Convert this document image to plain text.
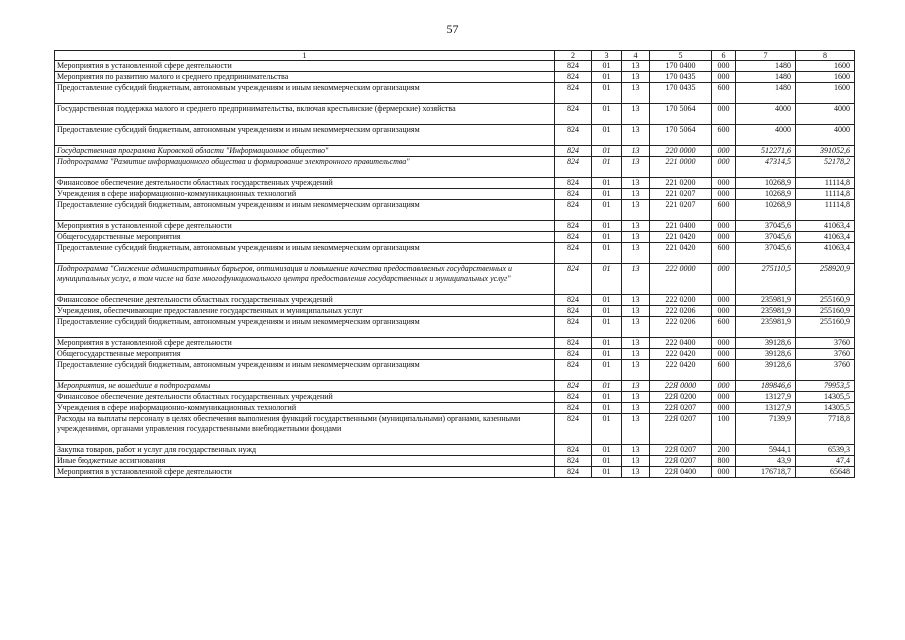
57
1	2	3	4	5	6	7	8
Мероприятия в установленной сфере деятельности	824	01	13	170 0400	000	1480	1600
Мероприятия по развитию малого и среднего предпринимательства	824	01	13	170 0435	000	1480	1600
Предоставление субсидий бюджетным, автономным учреждениям и иным некоммерческим организациям	824	01	13	170 0435	600	1480	1600
Государственная поддержка малого и среднего предпринимательства, включая крестьянские (фермерские) хозяйства	824	01	13	170 5064	000	4000	4000
Предоставление субсидий бюджетным, автономным учреждениям и иным некоммерческим организациям	824	01	13	170 5064	600	4000	4000
Государственная программа Кировской области "Информационное общество"	824	01	13	220 0000	000	512271,6	391052,6
Подпрограмма "Развитие информационного общества и формирование электронного правительства"	824	01	13	221 0000	000	47314,5	52178,2
Финансовое обеспечение деятельности областных государственных учреждений	824	01	13	221 0200	000	10268,9	11114,8
Учреждения в сфере информационно-коммуникационных технологий	824	01	13	221 0207	000	10268,9	11114,8
Предоставление субсидий бюджетным, автономным учреждениям и иным некоммерческим организациям	824	01	13	221 0207	600	10268,9	11114,8
Мероприятия в установленной сфере деятельности	824	01	13	221 0400	000	37045,6	41063,4
Общегосударственные мероприятия	824	01	13	221 0420	000	37045,6	41063,4
Предоставление субсидий бюджетным, автономным учреждениям и иным некоммерческим организациям	824	01	13	221 0420	600	37045,6	41063,4
Подпрограмма "Снижение административных барьеров, оптимизация и повышение качества предоставляемых государственных и муниципальных услуг, в том числе на базе многофункционального центра предоставления государственных и муниципальных услуг"	824	01	13	222 0000	000	275110,5	258920,9
Финансовое обеспечение деятельности областных государственных учреждений	824	01	13	222 0200	000	235981,9	255160,9
Учреждения, обеспечивающие предоставление государственных и муниципальных услуг	824	01	13	222 0206	000	235981,9	255160,9
Предоставление субсидий бюджетным, автономным учреждениям и иным некоммерческим организациям	824	01	13	222 0206	600	235981,9	255160,9
Мероприятия в установленной сфере деятельности	824	01	13	222 0400	000	39128,6	3760
Общегосударственные мероприятия	824	01	13	222 0420	000	39128,6	3760
Предоставление субсидий бюджетным, автономным учреждениям и иным некоммерческим организациям	824	01	13	222 0420	600	39128,6	3760
Мероприятия, не вошедшие в подпрограммы	824	01	13	22Я 0000	000	189846,6	79953,5
Финансовое обеспечение деятельности областных государственных учреждений	824	01	13	22Я 0200	000	13127,9	14305,5
Учреждения в сфере информационно-коммуникационных технологий	824	01	13	22Я 0207	000	13127,9	14305,5
Расходы на выплаты персоналу в целях обеспечения выполнения функций государственными (муниципальными) органами, казенными учреждениями, органами управления государственными внебюджетными фондами	824	01	13	22Я 0207	100	7139,9	7718,8
Закупка товаров, работ и услуг для государственных нужд	824	01	13	22Я 0207	200	5944,1	6539,3
Иные бюджетные ассигнования	824	01	13	22Я 0207	800	43,9	47,4
Мероприятия в установленной сфере деятельности	824	01	13	22Я 0400	000	176718,7	65648
